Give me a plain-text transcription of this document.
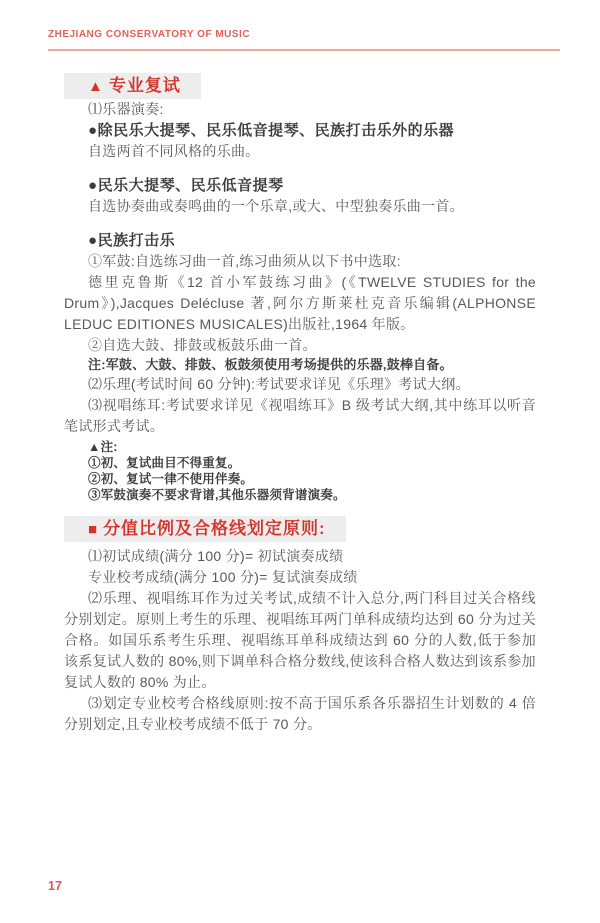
ZHEJIANG CONSERVATORY OF MUSIC
▲ 专业复试

⑴乐器演奏:

●除民乐大提琴、民乐低音提琴、民族打击乐外的乐器

自选两首不同风格的乐曲。

●民乐大提琴、民乐低音提琴

自选协奏曲或奏鸣曲的一个乐章,或大、中型独奏乐曲一首。

●民族打击乐

①军鼓:自选练习曲一首,练习曲须从以下书中选取:

德里克鲁斯《12 首小军鼓练习曲》(《TWELVE STUDIES for the Drum》),Jacques Delécluse 著,阿尔方斯莱杜克音乐编辑(ALPHONSE LEDUC EDITIONES MUSICALES)出版社,1964 年版。

②自选大鼓、排鼓或板鼓乐曲一首。

注:军鼓、大鼓、排鼓、板鼓须使用考场提供的乐器,鼓棒自备。

⑵乐理(考试时间 60 分钟):考试要求详见《乐理》考试大纲。

⑶视唱练耳:考试要求详见《视唱练耳》B 级考试大纲,其中练耳以听音笔试形式考试。

▲注:

①初、复试曲目不得重复。

②初、复试一律不使用伴奏。

③军鼓演奏不要求背谱,其他乐器须背谱演奏。

■ 分值比例及合格线划定原则:

⑴初试成绩(满分 100 分)= 初试演奏成绩

专业校考成绩(满分 100 分)= 复试演奏成绩

⑵乐理、视唱练耳作为过关考试,成绩不计入总分,两门科目过关合格线分别划定。原则上考生的乐理、视唱练耳两门单科成绩均达到 60 分为过关合格。如国乐系考生乐理、视唱练耳单科成绩达到 60 分的人数,低于参加该系复试人数的 80%,则下调单科合格分数线,使该科合格人数达到该系参加复试人数的 80% 为止。

⑶划定专业校考合格线原则:按不高于国乐系各乐器招生计划数的 4 倍分别划定,且专业校考成绩不低于 70 分。

17
